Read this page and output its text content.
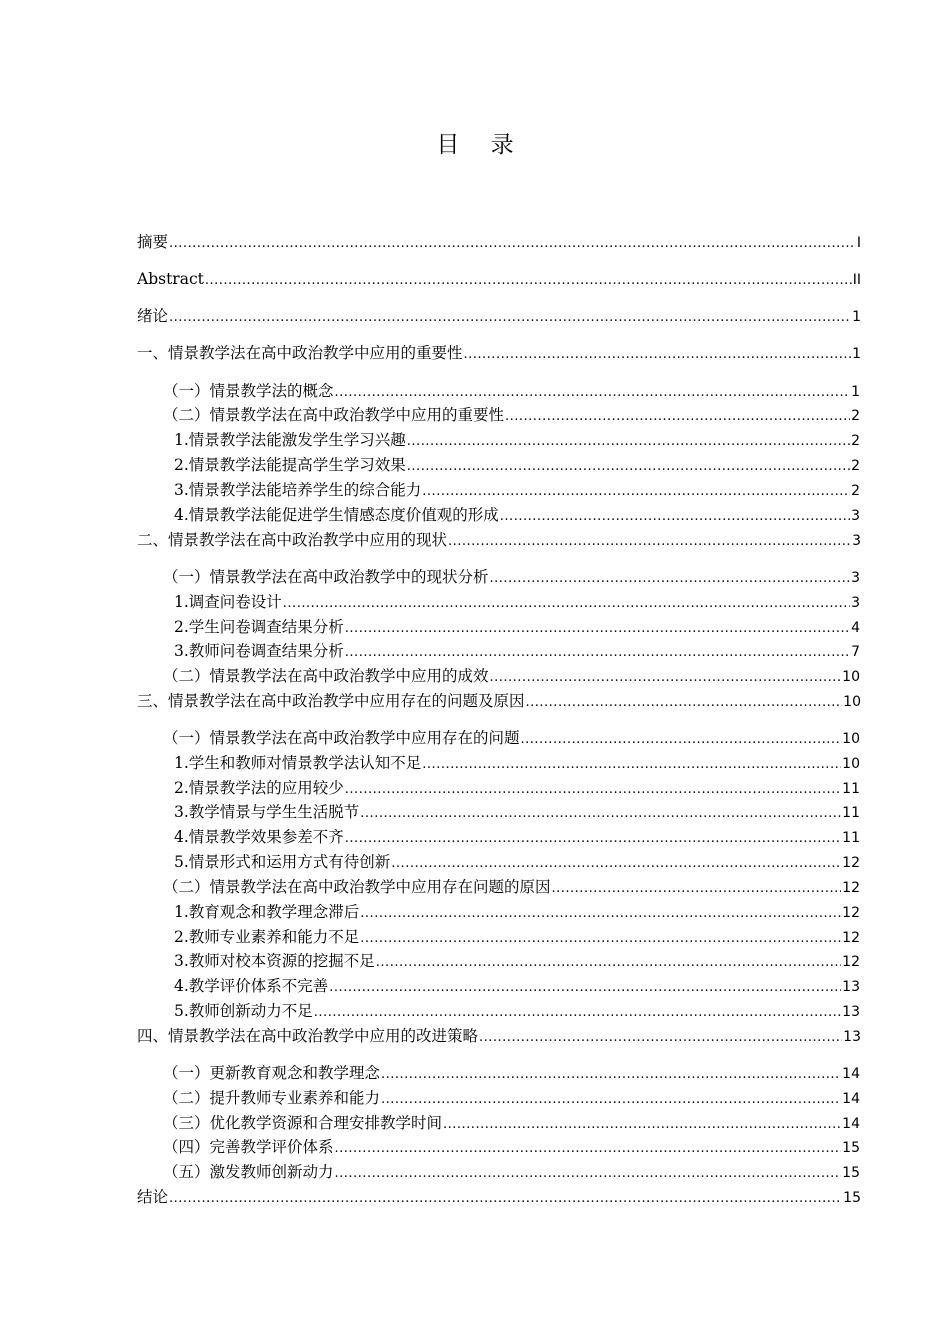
目 录
摘要 .....	I
Abstract .....	II
绪论 .....	1
一、情景教学法在高中政治教学中应用的重要性 .....	1
（一）情景教学法的概念 .....	1
（二）情景教学法在高中政治教学中应用的重要性 .....	2
1.情景教学法能激发学生学习兴趣 .....	2
2.情景教学法能提高学生学习效果 .....	2
3.情景教学法能培养学生的综合能力 .....	2
4.情景教学法能促进学生情感态度价值观的形成 .....	3
二、情景教学法在高中政治教学中应用的现状 .....	3
（一）情景教学法在高中政治教学中的现状分析 .....	3
1.调查问卷设计 .....	3
2.学生问卷调查结果分析 .....	4
3.教师问卷调查结果分析 .....	7
（二）情景教学法在高中政治教学中应用的成效 .....	10
三、情景教学法在高中政治教学中应用存在的问题及原因 .....	10
（一）情景教学法在高中政治教学中应用存在的问题 .....	10
1.学生和教师对情景教学法认知不足 .....	10
2.情景教学法的应用较少 .....	11
3.教学情景与学生生活脱节 .....	11
4.情景教学效果参差不齐 .....	11
5.情景形式和运用方式有待创新 .....	12
（二）情景教学法在高中政治教学中应用存在问题的原因 .....	12
1.教育观念和教学理念滞后 .....	12
2.教师专业素养和能力不足 .....	12
3.教师对校本资源的挖掘不足 .....	12
4.教学评价体系不完善 .....	13
5.教师创新动力不足 .....	13
四、情景教学法在高中政治教学中应用的改进策略 .....	13
（一）更新教育观念和教学理念 .....	14
（二）提升教师专业素养和能力 .....	14
（三）优化教学资源和合理安排教学时间 .....	14
（四）完善教学评价体系 .....	15
（五）激发教师创新动力 .....	15
结论 .....	15
